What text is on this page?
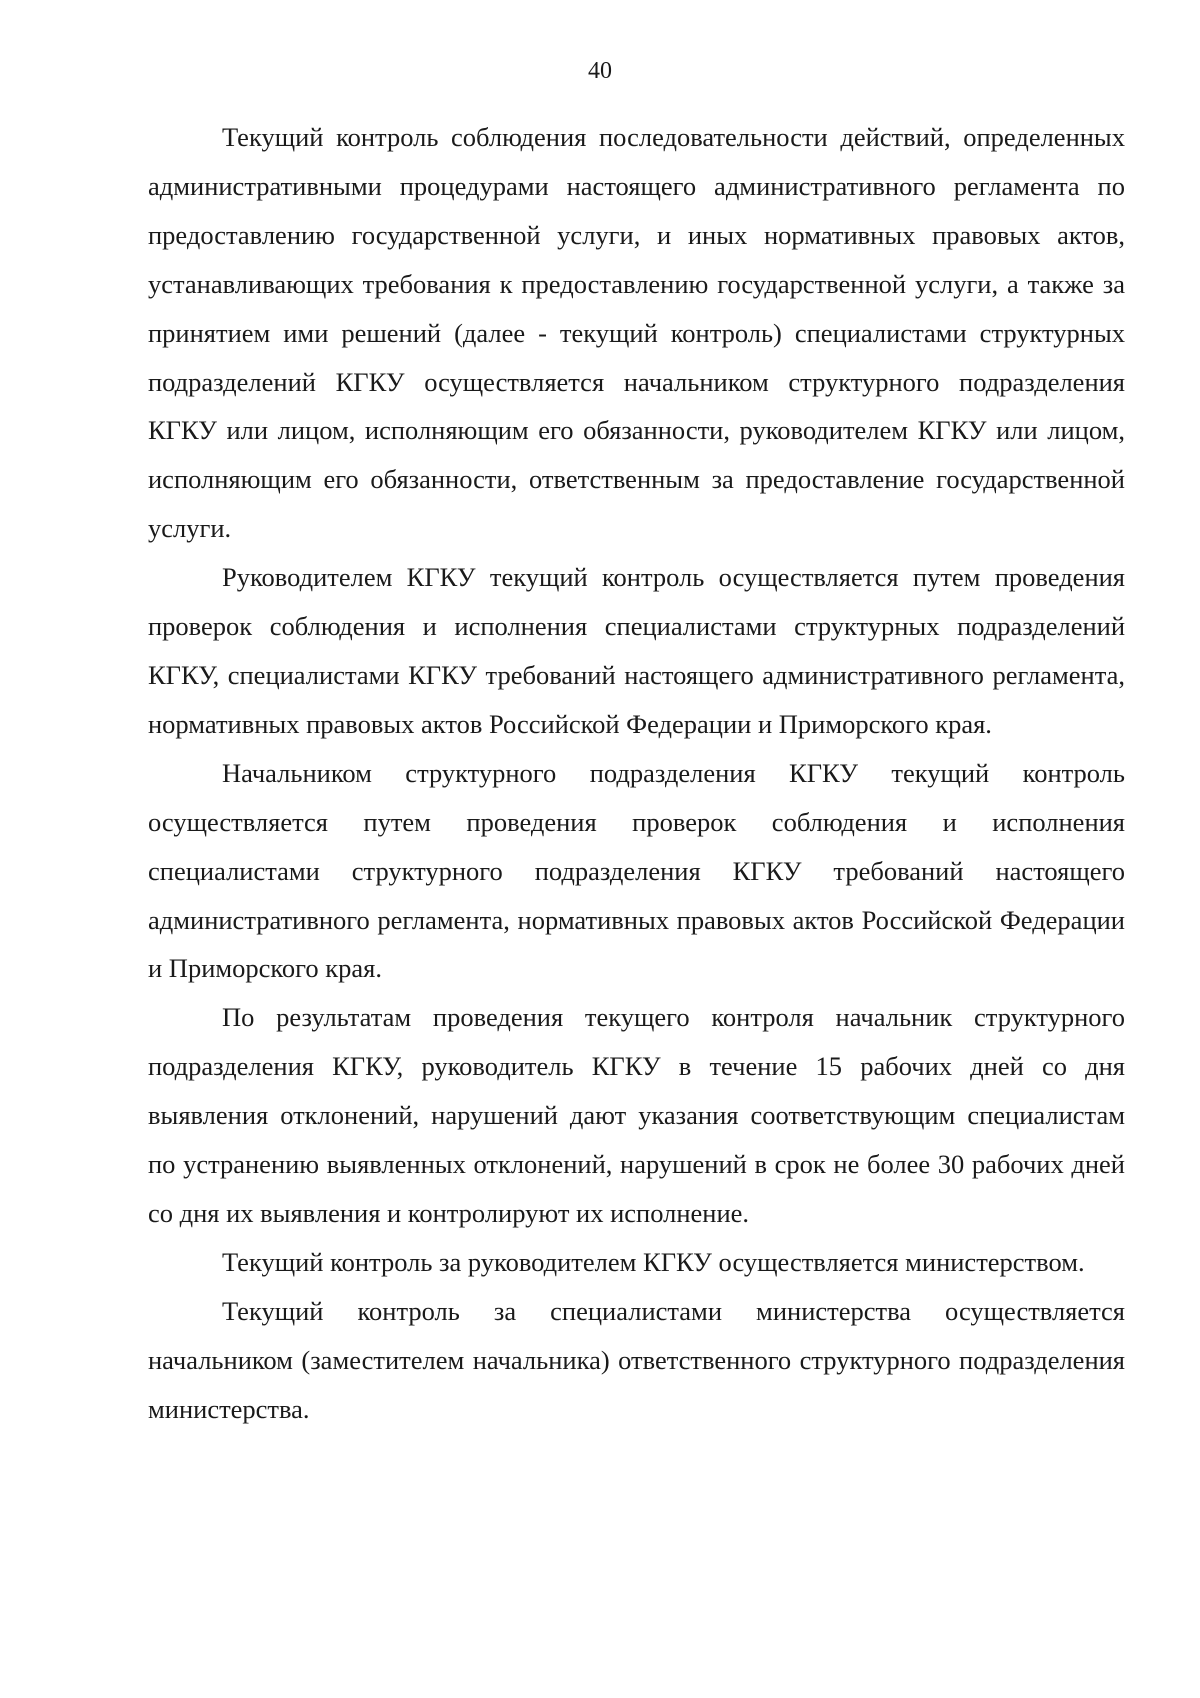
40

Текущий контроль соблюдения последовательности действий, определенных административными процедурами настоящего административного регламента по предоставлению государственной услуги, и иных нормативных правовых актов, устанавливающих требования к предоставлению государственной услуги, а также за принятием ими решений (далее - текущий контроль) специалистами структурных подразделений КГКУ осуществляется начальником структурного подразделения КГКУ или лицом, исполняющим его обязанности, руководителем КГКУ или лицом, исполняющим его обязанности, ответственным за предоставление государственной услуги.

Руководителем КГКУ текущий контроль осуществляется путем проведения проверок соблюдения и исполнения специалистами структурных подразделений КГКУ, специалистами КГКУ требований настоящего административного регламента, нормативных правовых актов Российской Федерации и Приморского края.

Начальником структурного подразделения КГКУ текущий контроль осуществляется путем проведения проверок соблюдения и исполнения специалистами структурного подразделения КГКУ требований настоящего административного регламента, нормативных правовых актов Российской Федерации и Приморского края.

По результатам проведения текущего контроля начальник структурного подразделения КГКУ, руководитель КГКУ в течение 15 рабочих дней со дня выявления отклонений, нарушений дают указания соответствующим специалистам по устранению выявленных отклонений, нарушений в срок не более 30 рабочих дней со дня их выявления и контролируют их исполнение.

Текущий контроль за руководителем КГКУ осуществляется министерством.

Текущий контроль за специалистами министерства осуществляется начальником (заместителем начальника) ответственного структурного подразделения министерства.
